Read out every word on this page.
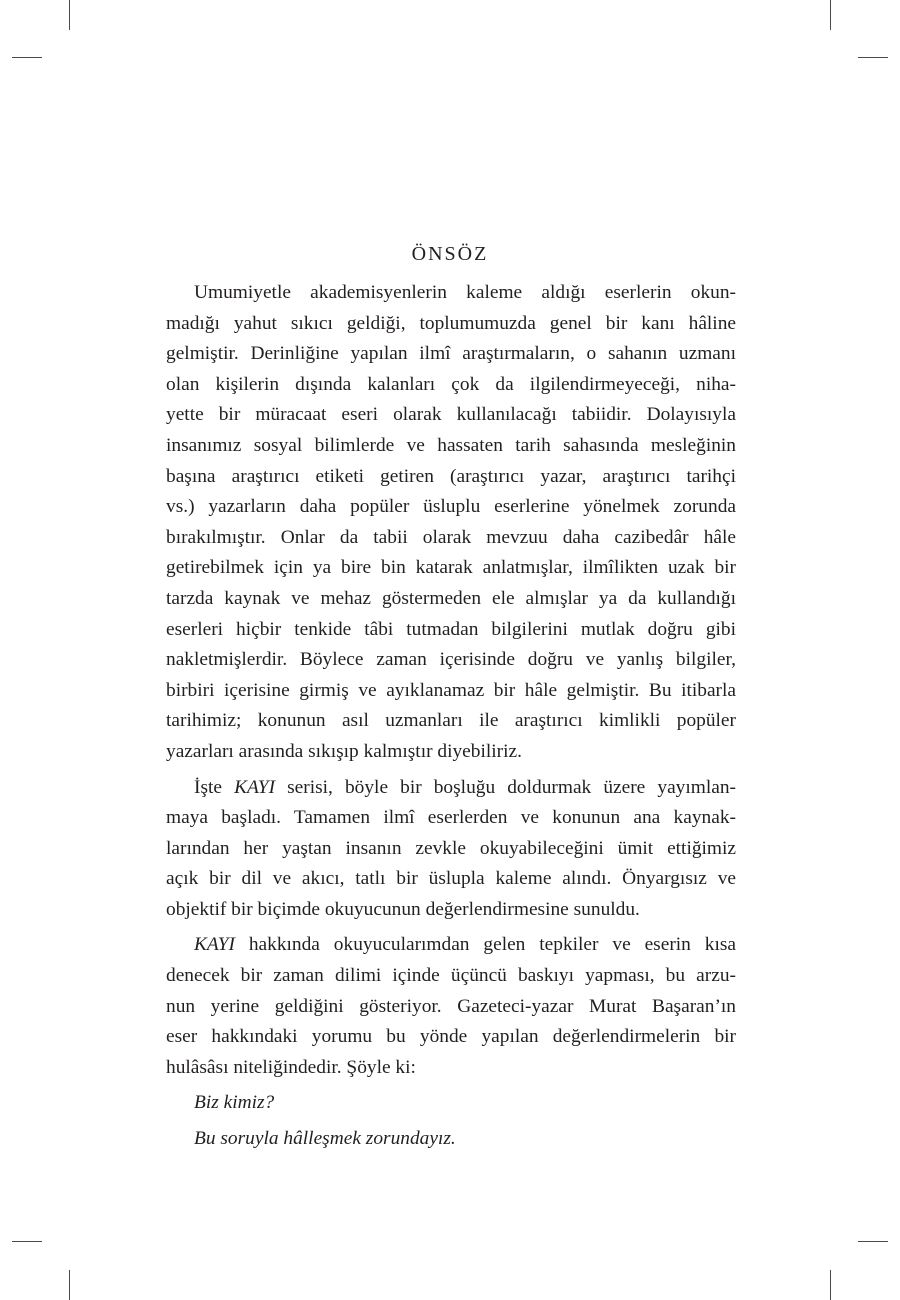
ÖNSÖZ

Umumiyetle akademisyenlerin kaleme aldığı eserlerin okun-
madığı yahut sıkıcı geldiği, toplumumuzda genel bir kanı hâline
gelmiştir. Derinliğine yapılan ilmî araştırmaların, o sahanın uzmanı
olan kişilerin dışında kalanları çok da ilgilendirmeyeceği, niha-
yette bir müracaat eseri olarak kullanılacağı tabiidir. Dolayısıyla
insanımız sosyal bilimlerde ve hassaten tarih sahasında mesleğinin
başına araştırıcı etiketi getiren (araştırıcı yazar, araştırıcı tarihçi
vs.) yazarların daha popüler üsluplu eserlerine yönelmek zorunda
bırakılmıştır. Onlar da tabii olarak mevzuu daha cazibedâr hâle
getirebilmek için ya bire bin katarak anlatmışlar, ilmîlikten uzak bir
tarzda kaynak ve mehaz göstermeden ele almışlar ya da kullandığı
eserleri hiçbir tenkide tâbi tutmadan bilgilerini mutlak doğru gibi
nakletmişlerdir. Böylece zaman içerisinde doğru ve yanlış bilgiler,
birbiri içerisine girmiş ve ayıklanamaz bir hâle gelmiştir. Bu itibarla
tarihimiz; konunun asıl uzmanları ile araştırıcı kimlikli popüler
yazarları arasında sıkışıp kalmıştır diyebiliriz.

İşte KAYI serisi, böyle bir boşluğu doldurmak üzere yayımlan-
maya başladı. Tamamen ilmî eserlerden ve konunun ana kaynak-
larından her yaştan insanın zevkle okuyabileceğini ümit ettiğimiz
açık bir dil ve akıcı, tatlı bir üslupla kaleme alındı. Önyargısız ve
objektif bir biçimde okuyucunun değerlendirmesine sunuldu.

KAYI hakkında okuyucularımdan gelen tepkiler ve eserin kısa
denecek bir zaman dilimi içinde üçüncü baskıyı yapması, bu arzu-
nun yerine geldiğini gösteriyor. Gazeteci-yazar Murat Başaran’ın
eser hakkındaki yorumu bu yönde yapılan değerlendirmelerin bir
hulâsâsı niteliğindedir. Şöyle ki:

Biz kimiz?

Bu soruyla hâlleşmek zorundayız.
